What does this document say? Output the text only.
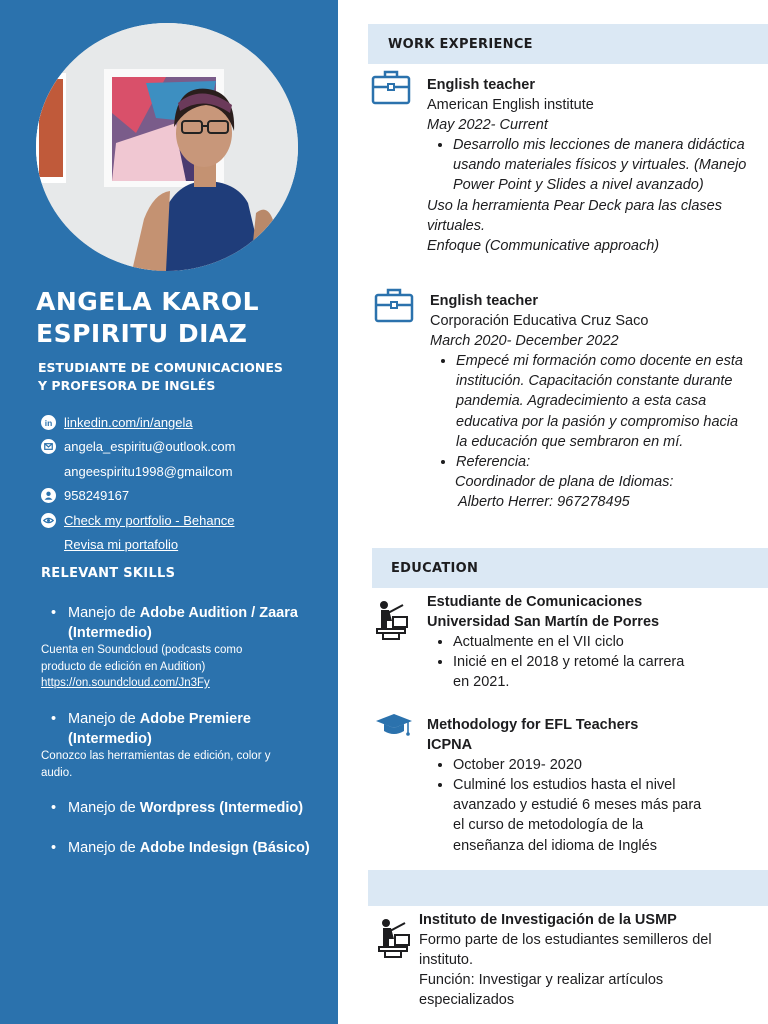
ANGELA KAROL
ESPIRITU DIAZ
ESTUDIANTE DE COMUNICACIONES
Y PROFESORA DE INGLÉS
in linkedin.com/in/angela
angela_espiritu@outlook.com
angeespiritu1998@gmailcom
958249167
Check my portfolio - Behance
Revisa mi portafolio
RELEVANT SKILLS
• Manejo de Adobe Audition / Zaara (Intermedio)
Cuenta en Soundcloud (podcasts como
producto de edición en Audition)
https://on.soundcloud.com/Jn3Fy
• Manejo de Adobe Premiere (Intermedio)
Conozco las herramientas de edición, color y audio.
• Manejo de Wordpress (Intermedio)
• Manejo de Adobe Indesign (Básico)
WORK EXPERIENCE

English teacher

American English institute

May 2022- Current

• Desarrollo mis lecciones de manera didáctica usando materiales físicos y virtuales. (Manejo Power Point y Slides a nivel avanzado)

Uso la herramienta Pear Deck para las clases virtuales.

Enfoque (Communicative approach)

English teacher

Corporación Educativa Cruz Saco

March 2020- December 2022

• Empecé mi formación como docente en esta institución. Capacitación constante durante pandemia. Agradecimiento a esta casa educativa por la pasión y compromiso hacia la educación que sembraron en mí.
• Referencia:

Coordinador de plana de Idiomas:

Alberto Herrer: 967278495

EDUCATION

Estudiante de Comunicaciones

Universidad San Martín de Porres

• Actualmente en el VII ciclo
• Inicié en el 2018 y retomé la carrera en 2021.

Methodology for EFL Teachers

ICPNA

• October 2019- 2020
• Culminé los estudios hasta el nivel avanzado y estudié 6 meses más para el curso de metodología de la enseñanza del idioma de Inglés

Instituto de Investigación de la USMP

Formo parte de los estudiantes semilleros del instituto.

Función: Investigar y realizar artículos especializados
